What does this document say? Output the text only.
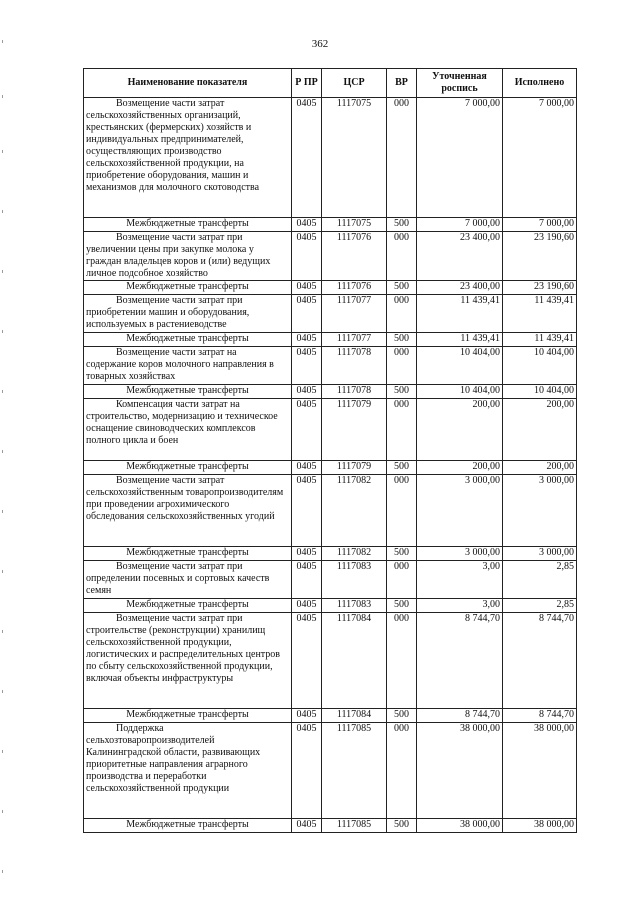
362
Наименование показателя	Р ПР	ЦСР	ВР	Уточненная роспись	Исполнено
Возмещение части затрат сельскохозяйственных организаций, крестьянских (фермерских) хозяйств и индивидуальных предпринимателей, осуществляющих производство сельскохозяйственной продукции, на приобретение оборудования, машин и механизмов для молочного скотоводства	0405	1117075	000	7 000,00	7 000,00
Межбюджетные трансферты	0405	1117075	500	7 000,00	7 000,00
Возмещение части затрат при увеличении цены при закупке молока у граждан владельцев коров и (или) ведущих личное подсобное хозяйство	0405	1117076	000	23 400,00	23 190,60
Межбюджетные трансферты	0405	1117076	500	23 400,00	23 190,60
Возмещение части затрат при приобретении машин и оборудования, используемых в растениеводстве	0405	1117077	000	11 439,41	11 439,41
Межбюджетные трансферты	0405	1117077	500	11 439,41	11 439,41
Возмещение части затрат на содержание коров молочного направления в товарных хозяйствах	0405	1117078	000	10 404,00	10 404,00
Межбюджетные трансферты	0405	1117078	500	10 404,00	10 404,00
Компенсация части затрат на строительство, модернизацию и техническое оснащение свиноводческих комплексов полного цикла и боен	0405	1117079	000	200,00	200,00
Межбюджетные трансферты	0405	1117079	500	200,00	200,00
Возмещение части затрат сельскохозяйственным товаропроизводителям при проведении агрохимического обследования сельскохозяйственных угодий	0405	1117082	000	3 000,00	3 000,00
Межбюджетные трансферты	0405	1117082	500	3 000,00	3 000,00
Возмещение части затрат при определении посевных и сортовых качеств семян	0405	1117083	000	3,00	2,85
Межбюджетные трансферты	0405	1117083	500	3,00	2,85
Возмещение части затрат при строительстве (реконструкции) хранилищ сельскохозяйственной продукции, логистических и распределительных центров по сбыту сельскохозяйственной продукции, включая объекты инфраструктуры	0405	1117084	000	8 744,70	8 744,70
Межбюджетные трансферты	0405	1117084	500	8 744,70	8 744,70
Поддержка сельхозтоваропроизводителей Калининградской области, развивающих приоритетные направления аграрного производства и переработки сельскохозяйственной продукции	0405	1117085	000	38 000,00	38 000,00
Межбюджетные трансферты	0405	1117085	500	38 000,00	38 000,00
